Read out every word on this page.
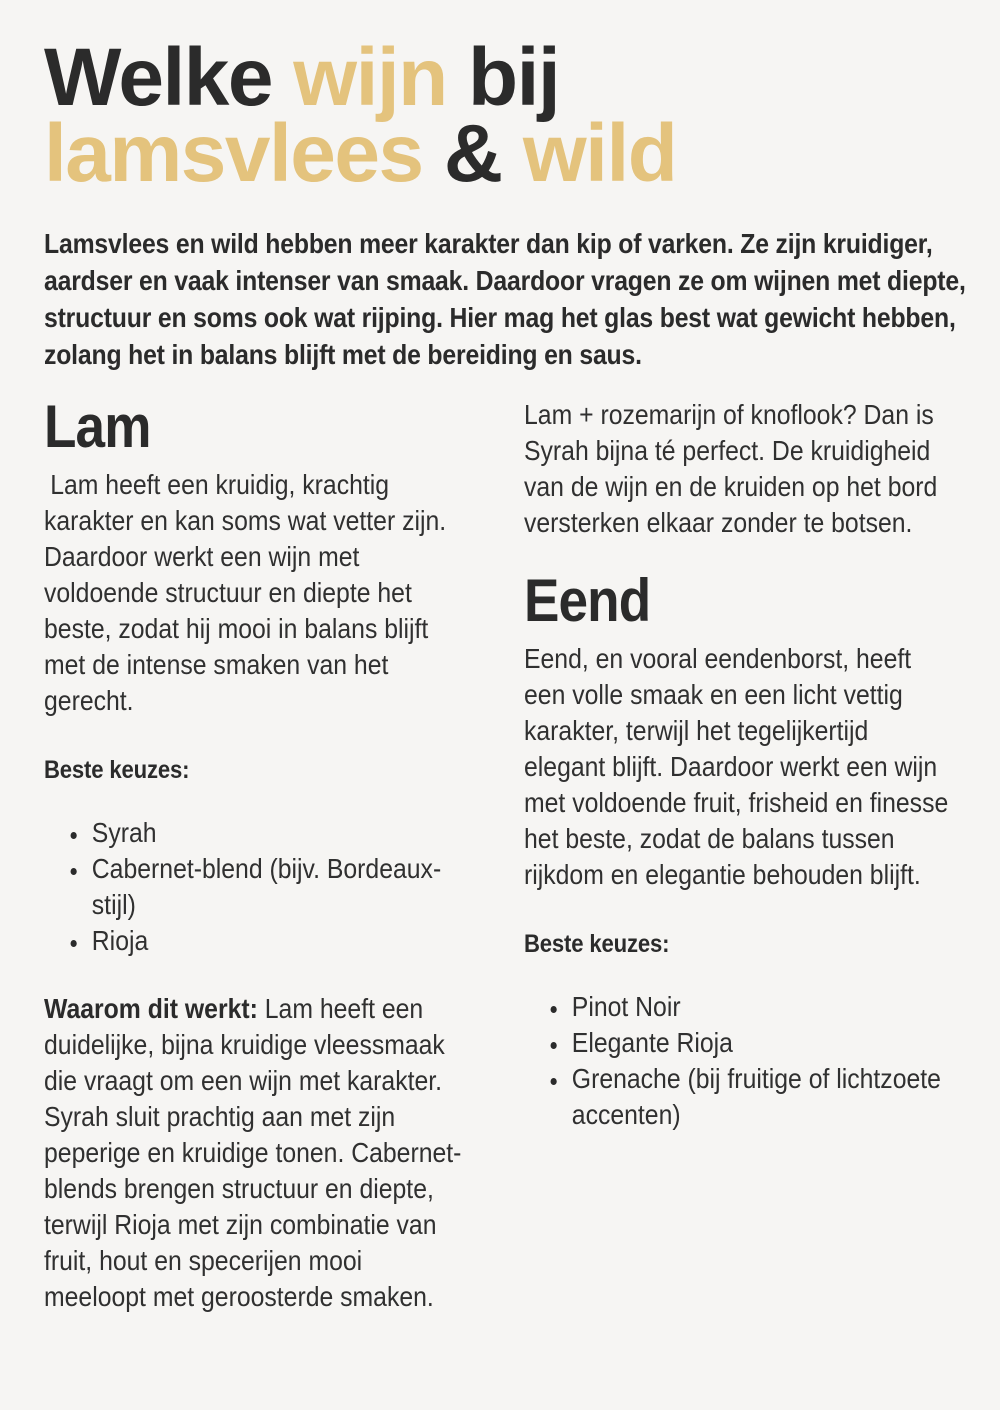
Welke wijn bij
lamsvlees & wild

Lamsvlees en wild hebben meer karakter dan kip of varken. Ze zijn kruidiger, aardser en vaak intenser van smaak. Daardoor vragen ze om wijnen met diepte, structuur en soms ook wat rijping. Hier mag het glas best wat gewicht hebben, zolang het in balans blijft met de bereiding en saus.

Lam

Lam heeft een kruidig, krachtig karakter en kan soms wat vetter zijn. Daardoor werkt een wijn met voldoende structuur en diepte het beste, zodat hij mooi in balans blijft met de intense smaken van het gerecht.

Beste keuzes:
• Syrah
• Cabernet-blend (bijv. Bordeaux-stijl)
• Rioja

Waarom dit werkt: Lam heeft een duidelijke, bijna kruidige vleessmaak die vraagt om een wijn met karakter. Syrah sluit prachtig aan met zijn peperige en kruidige tonen. Cabernet-blends brengen structuur en diepte, terwijl Rioja met zijn combinatie van fruit, hout en specerijen mooi meeloopt met geroosterde smaken.

Lam + rozemarijn of knoflook? Dan is Syrah bijna té perfect. De kruidigheid van de wijn en de kruiden op het bord versterken elkaar zonder te botsen.

Eend

Eend, en vooral eendenborst, heeft een volle smaak en een licht vettig karakter, terwijl het tegelijkertijd elegant blijft. Daardoor werkt een wijn met voldoende fruit, frisheid en finesse het beste, zodat de balans tussen rijkdom en elegantie behouden blijft.

Beste keuzes:
• Pinot Noir
• Elegante Rioja
• Grenache (bij fruitige of lichtzoete accenten)
